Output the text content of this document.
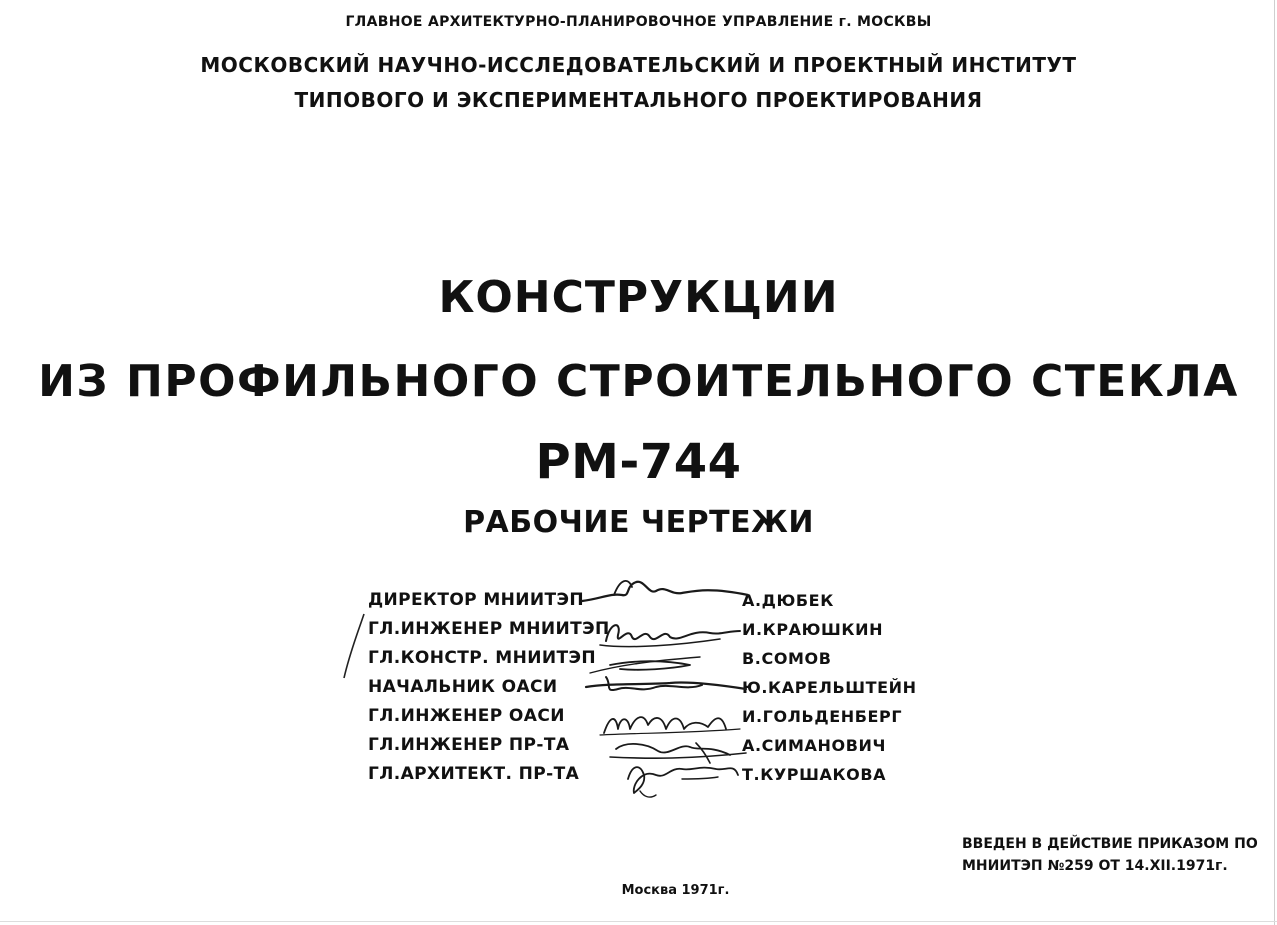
ГЛАВНОЕ АРХИТЕКТУРНО-ПЛАНИРОВОЧНОЕ УПРАВЛЕНИЕ г. МОСКВЫ
МОСКОВСКИЙ НАУЧНО-ИССЛЕДОВАТЕЛЬСКИЙ И ПРОЕКТНЫЙ ИНСТИТУТ
ТИПОВОГО И ЭКСПЕРИМЕНТАЛЬНОГО ПРОЕКТИРОВАНИЯ
КОНСТРУКЦИИ
ИЗ ПРОФИЛЬНОГО СТРОИТЕЛЬНОГО СТЕКЛА
РМ-744
РАБОЧИЕ ЧЕРТЕЖИ
ДИРЕКТОР МНИИТЭП	А.ДЮБЕК
ГЛ.ИНЖЕНЕР МНИИТЭП	И.КРАЮШКИН
ГЛ.КОНСТР. МНИИТЭП	В.СОМОВ
НАЧАЛЬНИК ОАСИ	Ю.КАРЕЛЬШТЕЙН
ГЛ.ИНЖЕНЕР ОАСИ	И.ГОЛЬДЕНБЕРГ
ГЛ.ИНЖЕНЕР ПР-ТА	А.СИМАНОВИЧ
ГЛ.АРХИТЕКТ. ПР-ТА	Т.КУРШАКОВА
ВВЕДЕН В ДЕЙСТВИЕ ПРИКАЗОМ ПО
МНИИТЭП №259 ОТ 14.XII.1971г.
Москва 1971г.
